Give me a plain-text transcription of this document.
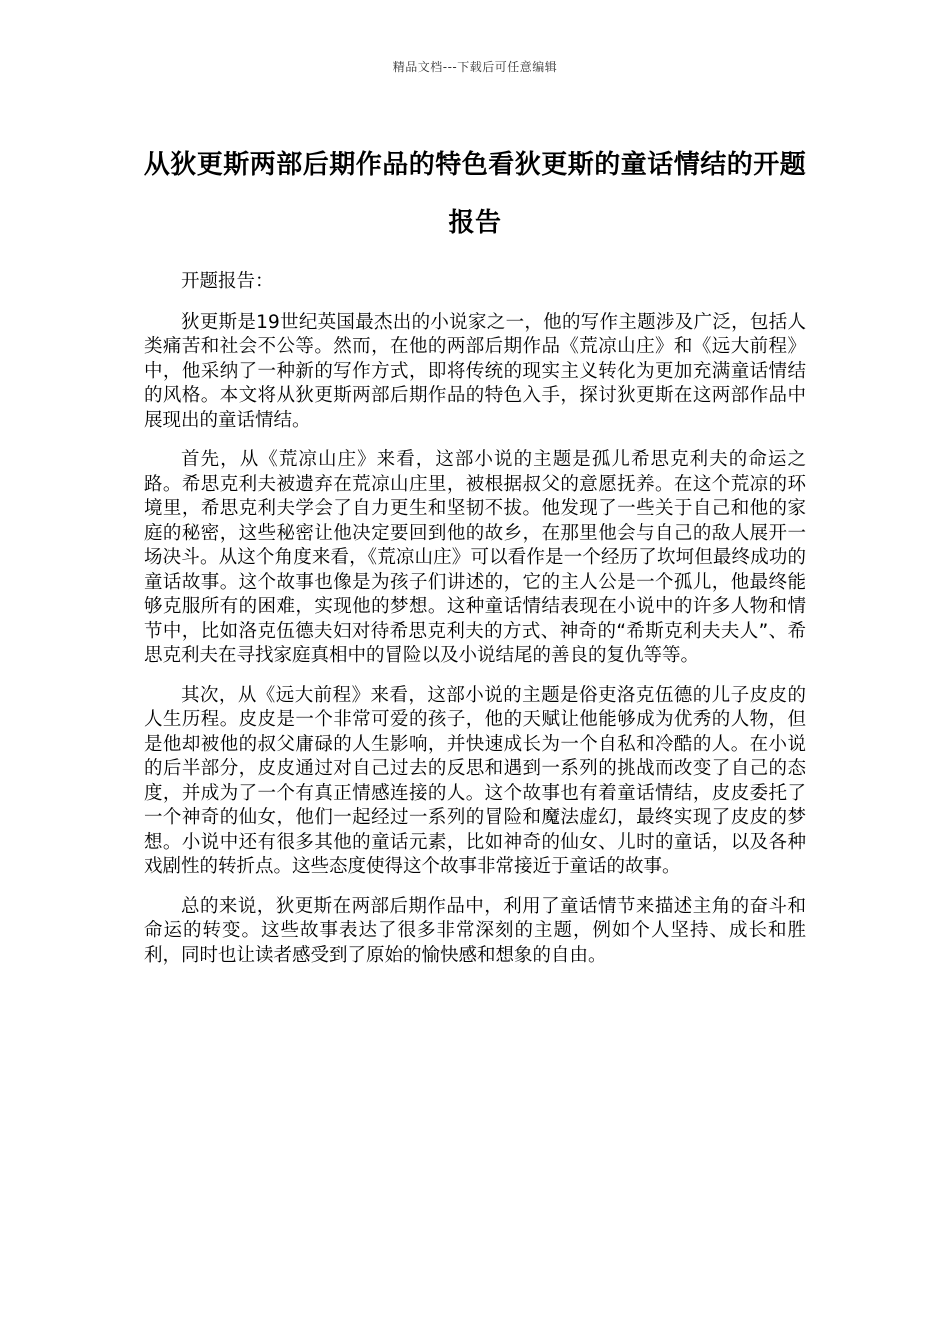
精品文档---下载后可任意编辑
从狄更斯两部后期作品的特色看狄更斯的童话情结的开题报告

开题报告：

狄更斯是19世纪英国最杰出的小说家之一，他的写作主题涉及广泛，包括人类痛苦和社会不公等。然而，在他的两部后期作品《荒凉山庄》和《远大前程》中，他采纳了一种新的写作方式，即将传统的现实主义转化为更加充满童话情结的风格。本文将从狄更斯两部后期作品的特色入手，探讨狄更斯在这两部作品中展现出的童话情结。

首先，从《荒凉山庄》来看，这部小说的主题是孤儿希思克利夫的命运之路。希思克利夫被遗弃在荒凉山庄里，被根据叔父的意愿抚养。在这个荒凉的环境里，希思克利夫学会了自力更生和坚韧不拔。他发现了一些关于自己和他的家庭的秘密，这些秘密让他决定要回到他的故乡，在那里他会与自己的敌人展开一场决斗。从这个角度来看，《荒凉山庄》可以看作是一个经历了坎坷但最终成功的童话故事。这个故事也像是为孩子们讲述的，它的主人公是一个孤儿，他最终能够克服所有的困难，实现他的梦想。这种童话情结表现在小说中的许多人物和情节中，比如洛克伍德夫妇对待希思克利夫的方式、神奇的“希斯克利夫夫人”、希思克利夫在寻找家庭真相中的冒险以及小说结尾的善良的复仇等等。

其次，从《远大前程》来看，这部小说的主题是俗吏洛克伍德的儿子皮皮的人生历程。皮皮是一个非常可爱的孩子，他的天赋让他能够成为优秀的人物，但是他却被他的叔父庸碌的人生影响，并快速成长为一个自私和冷酷的人。在小说的后半部分，皮皮通过对自己过去的反思和遇到一系列的挑战而改变了自己的态度，并成为了一个有真正情感连接的人。这个故事也有着童话情结，皮皮委托了一个神奇的仙女，他们一起经过一系列的冒险和魔法虚幻，最终实现了皮皮的梦想。小说中还有很多其他的童话元素，比如神奇的仙女、儿时的童话，以及各种戏剧性的转折点。这些态度使得这个故事非常接近于童话的故事。

总的来说，狄更斯在两部后期作品中，利用了童话情节来描述主角的奋斗和命运的转变。这些故事表达了很多非常深刻的主题，例如个人坚持、成长和胜利，同时也让读者感受到了原始的愉快感和想象的自由。
